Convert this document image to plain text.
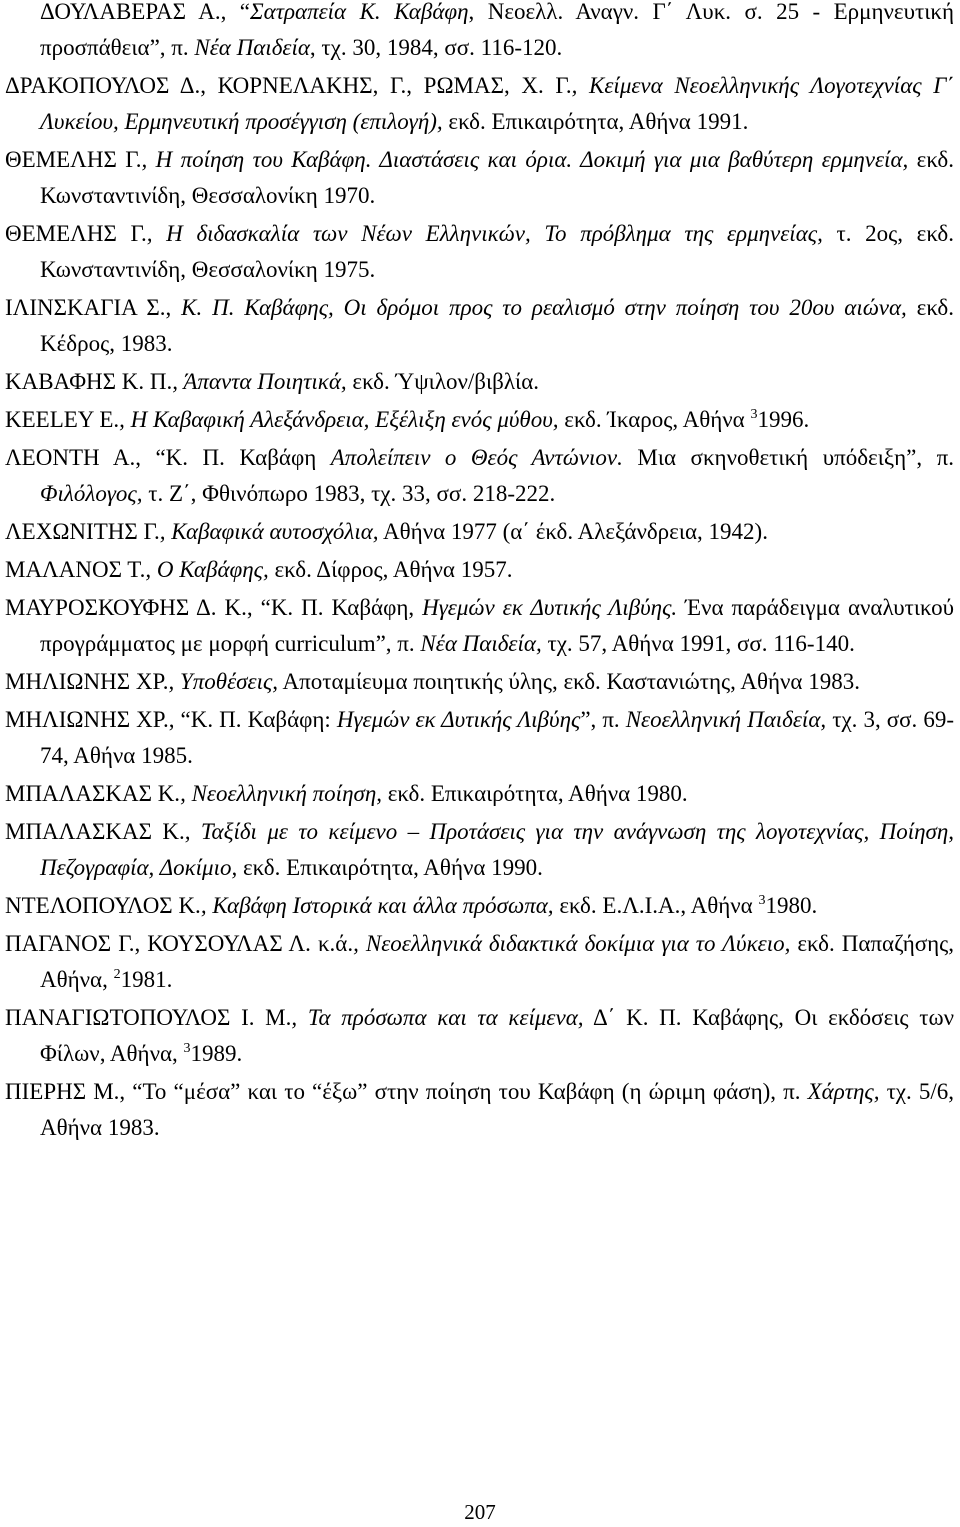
ΔΟΥΛΑΒΕΡΑΣ Α., “Σατραπεία Κ. Καβάφη, Νεοελλ. Αναγν. Γ΄ Λυκ. σ. 25 - Ερμηνευτική προσπάθεια”, π. Νέα Παιδεία, τχ. 30, 1984, σσ. 116-120.
ΔΡΑΚΟΠΟΥΛΟΣ Δ., ΚΟΡΝΕΛΑΚΗΣ, Γ., ΡΩΜΑΣ, Χ. Γ., Κείμενα Νεοελληνικής Λογοτεχνίας Γ΄ Λυκείου, Ερμηνευτική προσέγγιση (επιλογή), εκδ. Επικαιρότητα, Αθήνα 1991.
ΘΕΜΕΛΗΣ Γ., Η ποίηση του Καβάφη. Διαστάσεις και όρια. Δοκιμή για μια βαθύτερη ερμηνεία, εκδ. Κωνσταντινίδη, Θεσσαλονίκη 1970.
ΘΕΜΕΛΗΣ Γ., Η διδασκαλία των Νέων Ελληνικών, Το πρόβλημα της ερμηνείας, τ. 2ος, εκδ. Κωνσταντινίδη, Θεσσαλονίκη 1975.
ΙΛΙΝΣΚΑΓΙΑ Σ., Κ. Π. Καβάφης, Οι δρόμοι προς το ρεαλισμό στην ποίηση του 20ου αιώνα, εκδ. Κέδρος, 1983.
ΚΑΒΑΦΗΣ Κ. Π., Άπαντα Ποιητικά, εκδ. Ύψιλον/βιβλία.
KEELEY E., Η Καβαφική Αλεξάνδρεια, Εξέλιξη ενός μύθου, εκδ. Ίκαρος, Αθήνα $^3$1996.
ΛΕΟΝΤΗ Α., “Κ. Π. Καβάφη Απολείπειν ο Θεός Αντώνιον. Μια σκηνοθετική υπόδειξη”, π. Φιλόλογος, τ. Ζ΄, Φθινόπωρο 1983, τχ. 33, σσ. 218-222.
ΛΕΧΩΝΙΤΗΣ Γ., Καβαφικά αυτοσχόλια, Αθήνα 1977 (α΄ έκδ. Αλεξάνδρεια, 1942).
ΜΑΛΑΝΟΣ Τ., Ο Καβάφης, εκδ. Δίφρος, Αθήνα 1957.
ΜΑΥΡΟΣΚΟΥΦΗΣ Δ. Κ., “Κ. Π. Καβάφη, Ηγεμών εκ Δυτικής Λιβύης. Ένα παράδειγμα αναλυτικού προγράμματος με μορφή curriculum”, π. Νέα Παιδεία, τχ. 57, Αθήνα 1991, σσ. 116-140.
ΜΗΛΙΩΝΗΣ ΧΡ., Υποθέσεις, Αποταμίευμα ποιητικής ύλης, εκδ. Καστανιώτης, Αθήνα 1983.
ΜΗΛΙΩΝΗΣ ΧΡ., “Κ. Π. Καβάφη: Ηγεμών εκ Δυτικής Λιβύης”, π. Νεοελληνική Παιδεία, τχ. 3, σσ. 69-74, Αθήνα 1985.
ΜΠΑΛΑΣΚΑΣ Κ., Νεοελληνική ποίηση, εκδ. Επικαιρότητα, Αθήνα 1980.
ΜΠΑΛΑΣΚΑΣ Κ., Ταξίδι με το κείμενο – Προτάσεις για την ανάγνωση της λογοτεχνίας, Ποίηση, Πεζογραφία, Δοκίμιο, εκδ. Επικαιρότητα, Αθήνα 1990.
ΝΤΕΛΟΠΟΥΛΟΣ Κ., Καβάφη Ιστορικά και άλλα πρόσωπα, εκδ. Ε.Λ.Ι.Α., Αθήνα $^3$1980.
ΠΑΓΑΝΟΣ Γ., ΚΟΥΣΟΥΛΑΣ Λ. κ.ά., Νεοελληνικά διδακτικά δοκίμια για το Λύκειο, εκδ. Παπαζήσης, Αθήνα, $^2$1981.
ΠΑΝΑΓΙΩΤΟΠΟΥΛΟΣ Ι. Μ., Τα πρόσωπα και τα κείμενα, Δ΄ Κ. Π. Καβάφης, Οι εκδόσεις των Φίλων, Αθήνα, $^3$1989.
ΠΙΕΡΗΣ Μ., “Το “μέσα” και το “έξω” στην ποίηση του Καβάφη (η ώριμη φάση), π. Χάρτης, τχ. 5/6, Αθήνα 1983.
207
